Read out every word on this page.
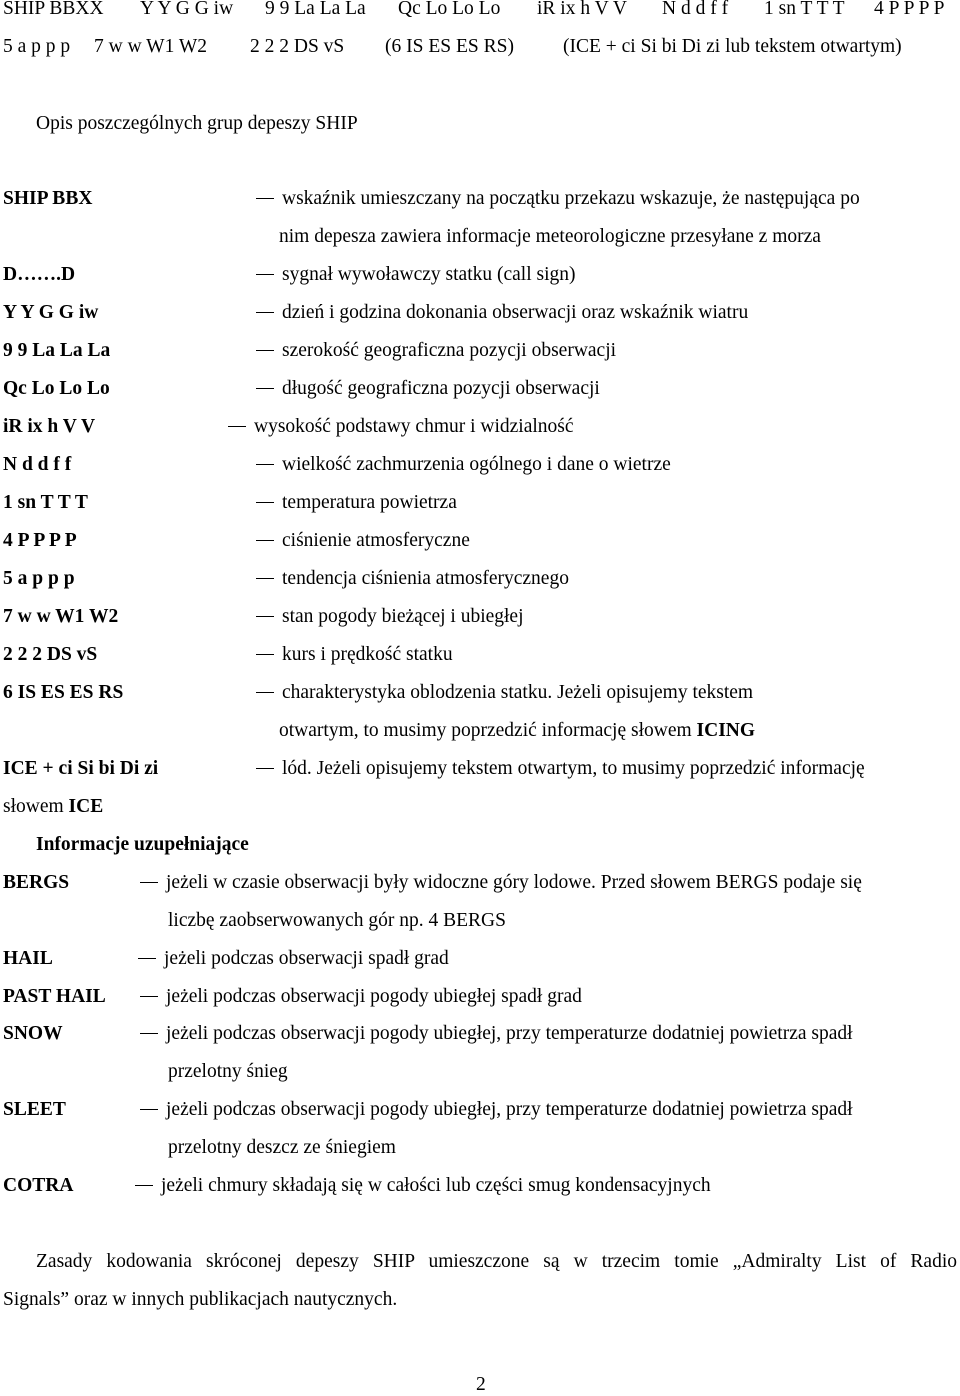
SHIP BBXX Y Y G G iw 9 9 La La La Qc Lo Lo Lo iR ix h V V N d d f f 1 sn T T T 4 P P P P
5 a p p p 7 w w W1 W2 2 2 2 DS vS (6 IS ES ES RS)	(ICE + ci Si bi Di zi lub tekstem otwartym)
Opis poszczególnych grup depeszy SHIP
SHIP BBX	wskaźnik umieszczany na początku przekazu wskazuje, że następująca po
nim depesza zawiera informacje meteorologiczne przesyłane z morza
D…….D	sygnał wywoławczy statku (call sign)
Y Y G G iw	dzień i godzina dokonania obserwacji oraz wskaźnik wiatru
9 9 La La La	szerokość geograficzna pozycji obserwacji
Qc Lo Lo Lo	długość geograficzna pozycji obserwacji
iR ix h V V	wysokość podstawy chmur i widzialność
N d d f f	wielkość zachmurzenia ogólnego i dane o wietrze
1 sn T T T	temperatura powietrza
4 P P P P	ciśnienie atmosferyczne
5 a p p p	tendencja ciśnienia atmosferycznego
7 w w W1 W2	stan pogody bieżącej i ubiegłej
2 2 2 DS vS	kurs i prędkość statku
6 IS ES ES RS	charakterystyka oblodzenia statku. Jeżeli opisujemy tekstem
otwartym, to musimy poprzedzić informację słowem ICING
ICE + ci Si bi Di zi	lód. Jeżeli opisujemy tekstem otwartym, to musimy poprzedzić informację
słowem ICE
Informacje uzupełniające
BERGS	jeżeli w czasie obserwacji były widoczne góry lodowe. Przed słowem BERGS podaje się
liczbę zaobserwowanych gór np. 4 BERGS
HAIL	jeżeli podczas obserwacji spadł grad
PAST HAIL	jeżeli podczas obserwacji pogody ubiegłej spadł grad
SNOW	jeżeli podczas obserwacji pogody ubiegłej, przy temperaturze dodatniej powietrza spadł
przelotny śnieg
SLEET	jeżeli podczas obserwacji pogody ubiegłej, przy temperaturze dodatniej powietrza spadł
przelotny deszcz ze śniegiem
COTRA	jeżeli chmury składają się w całości lub części smug kondensacyjnych
Zasady kodowania skróconej depeszy SHIP umieszczone są w trzecim tomie „Admiralty List of Radio
Signals” oraz w innych publikacjach nautycznych.
2
